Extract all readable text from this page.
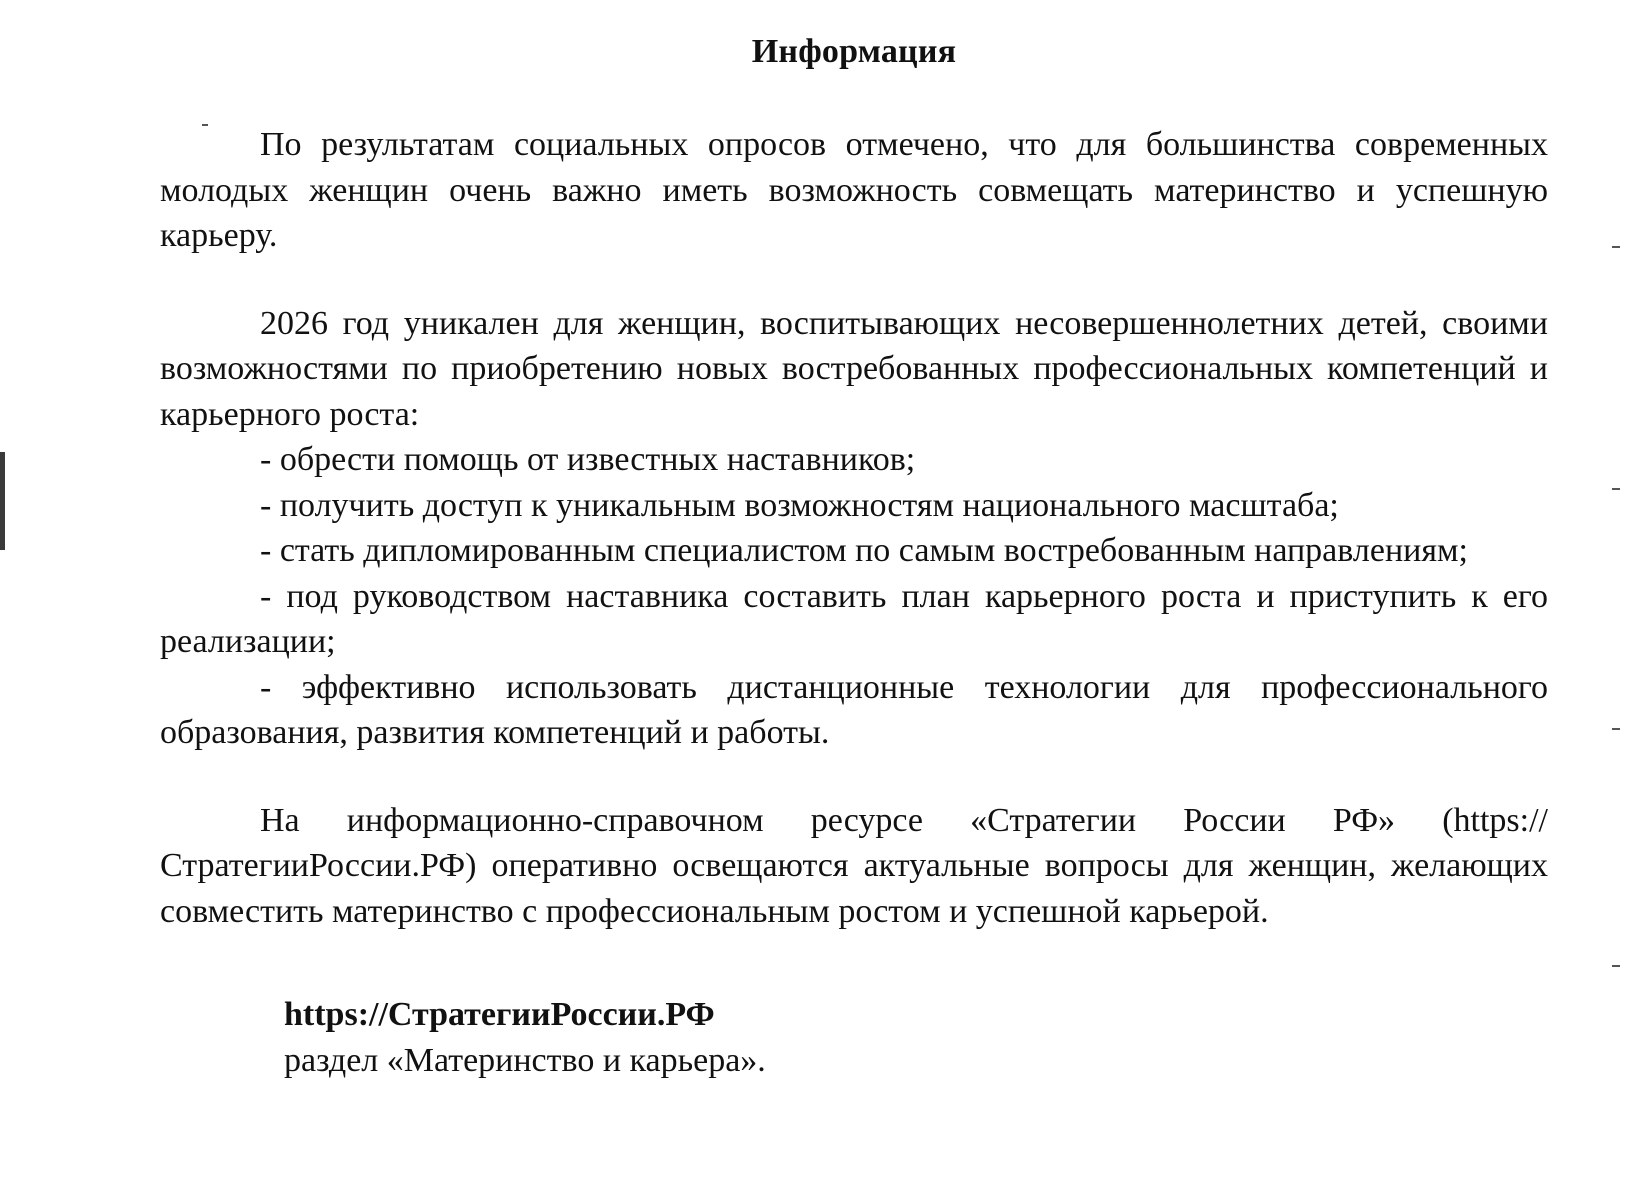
Информация

По результатам социальных опросов отмечено, что для большинства современных молодых женщин очень важно иметь возможность совмещать материнство и успешную карьеру.

2026 год уникален для женщин, воспитывающих несовершеннолетних детей, своими возможностями по приобретению новых востребованных профессиональных компетенций и карьерного роста:

- обрести помощь от известных наставников;

- получить доступ к уникальным возможностям национального масштаба;

- стать дипломированным специалистом по самым востребованным направлениям;

- под руководством наставника составить план карьерного роста и приступить к его реализации;

- эффективно использовать дистанционные технологии для профессионального образования, развития компетенций и работы.

На информационно-справочном ресурсе «Стратегии России РФ» (https://СтратегииРоссии.РФ) оперативно освещаются актуальные вопросы для женщин, желающих совместить материнство с профессиональным ростом и успешной карьерой.

https://СтратегииРоссии.РФ
раздел «Материнство и карьера».
